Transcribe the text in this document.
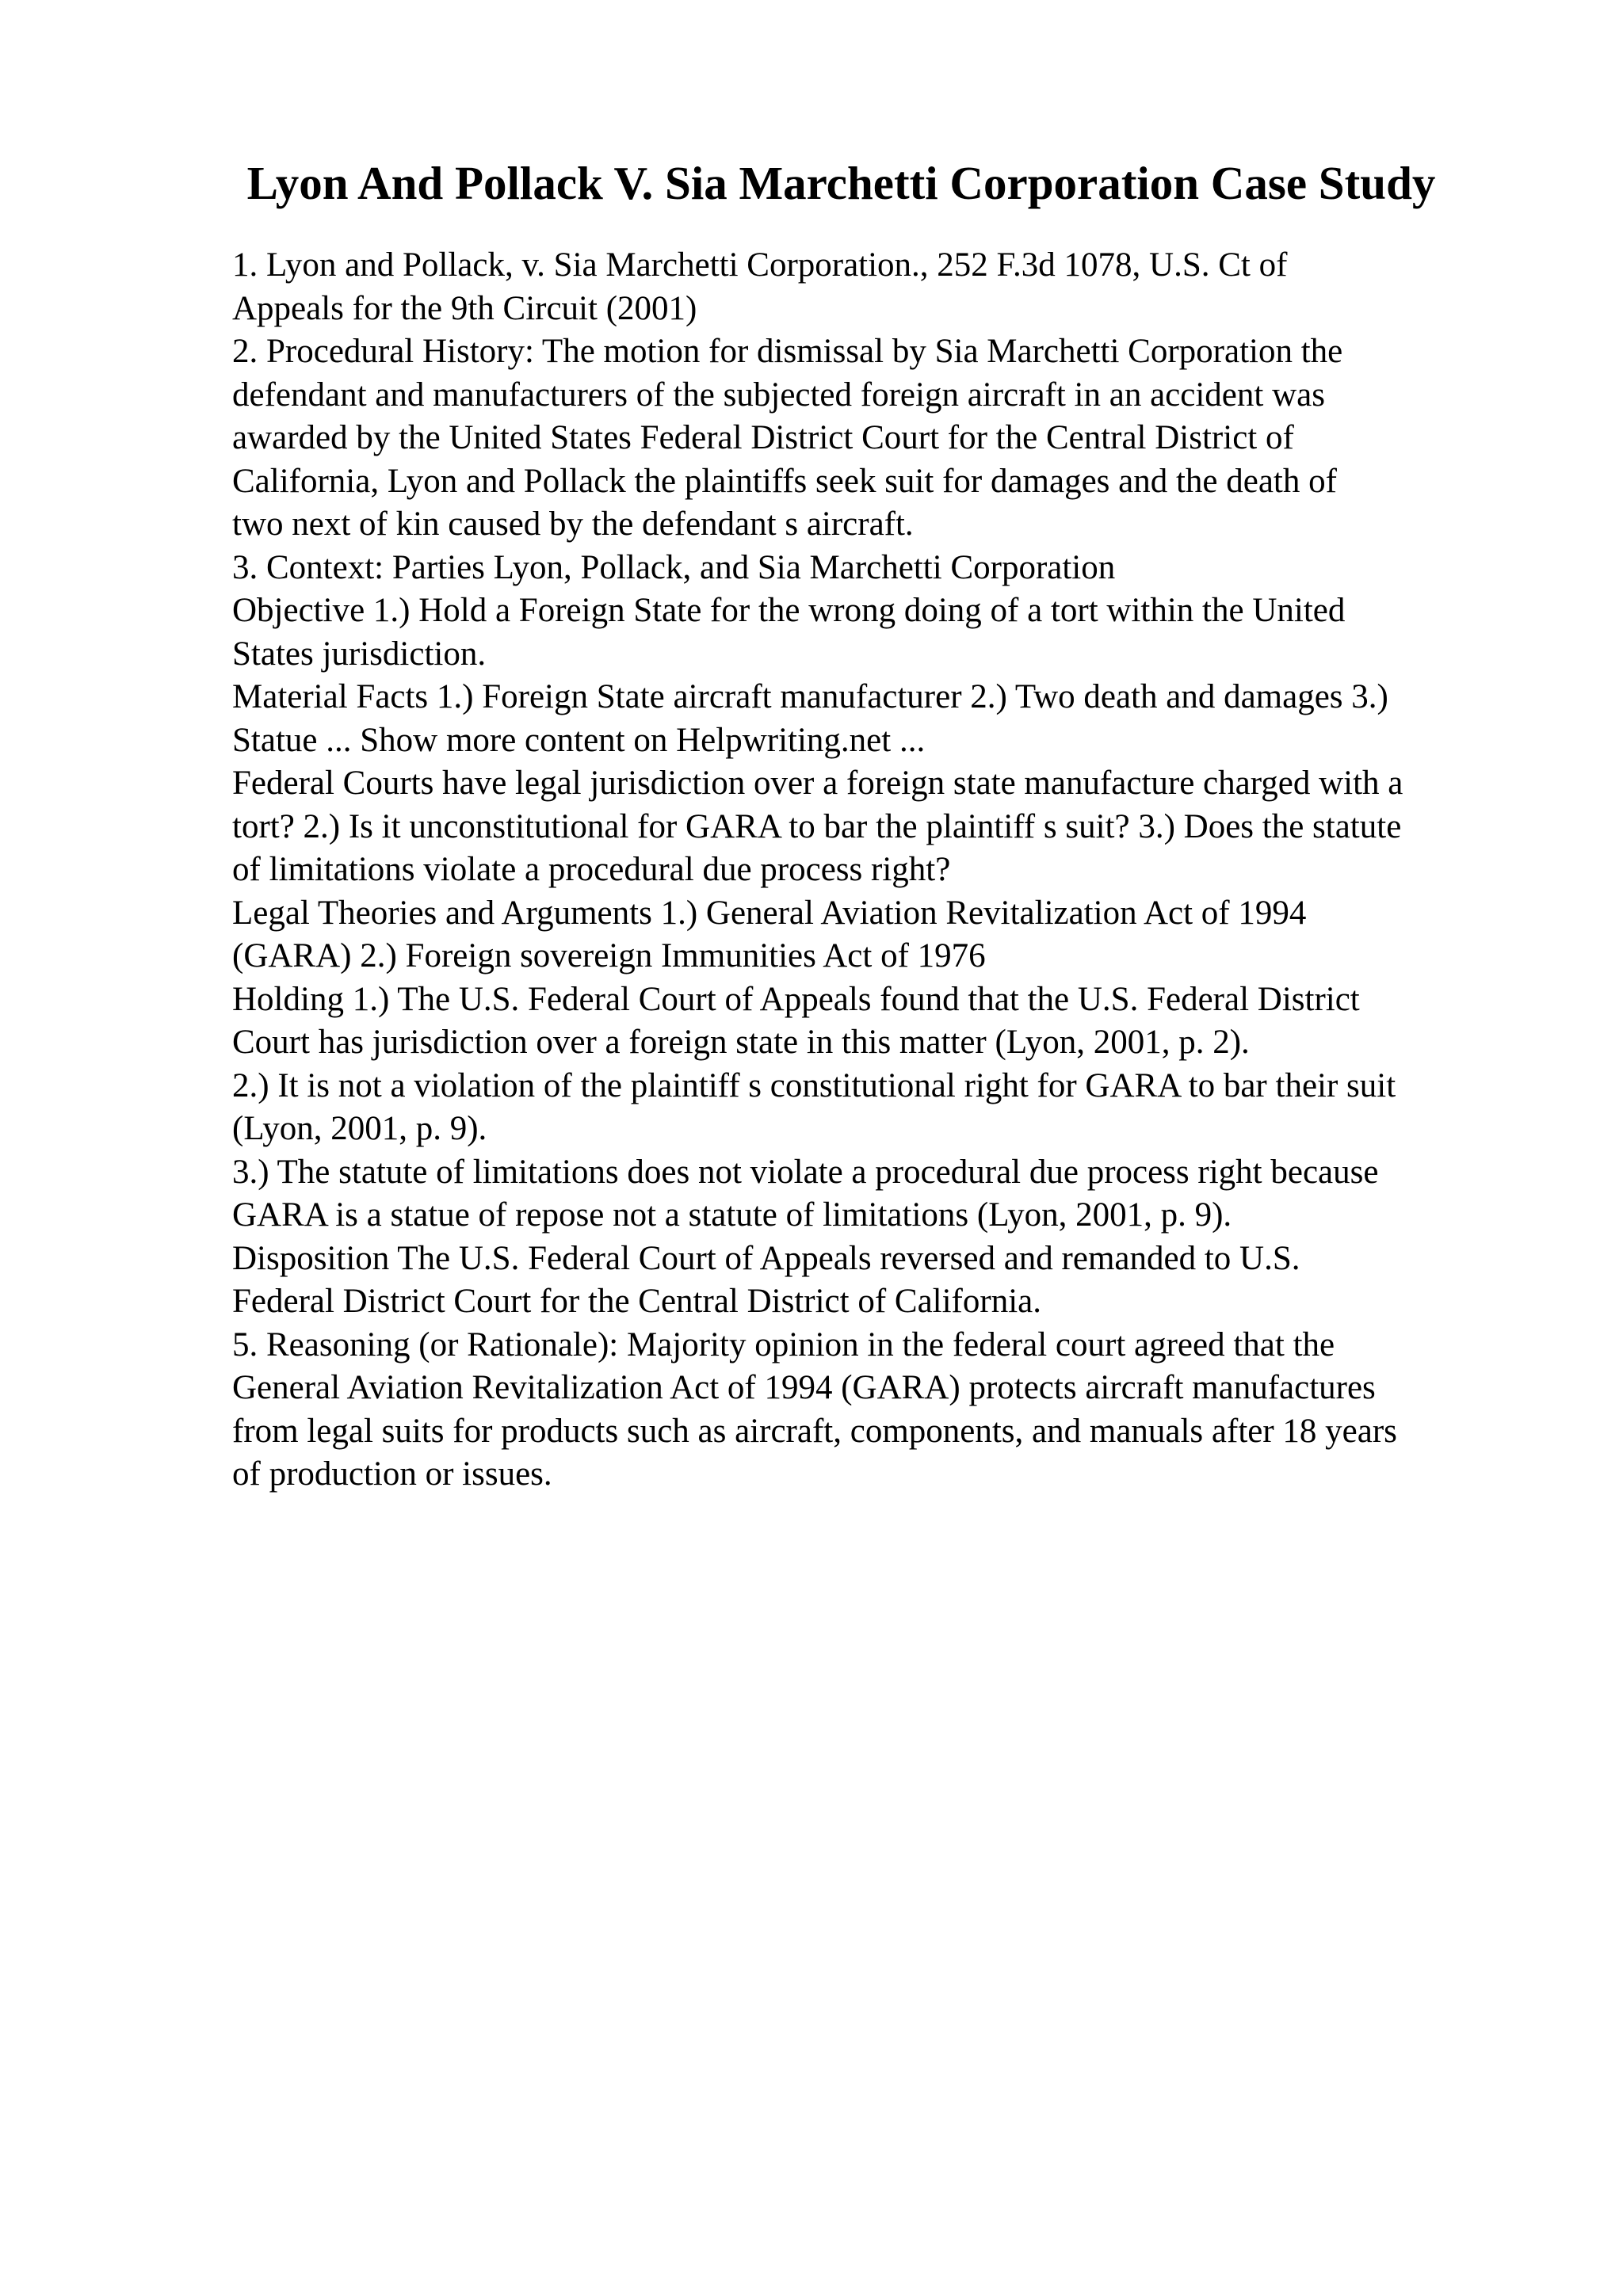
Lyon And Pollack V. Sia Marchetti Corporation Case Study
1. Lyon and Pollack, v. Sia Marchetti Corporation., 252 F.3d 1078, U.S. Ct of
Appeals for the 9th Circuit (2001)
2. Procedural History: The motion for dismissal by Sia Marchetti Corporation the
defendant and manufacturers of the subjected foreign aircraft in an accident was
awarded by the United States Federal District Court for the Central District of
California, Lyon and Pollack the plaintiffs seek suit for damages and the death of
two next of kin caused by the defendant s aircraft.
3. Context: Parties Lyon, Pollack, and Sia Marchetti Corporation
Objective 1.) Hold a Foreign State for the wrong doing of a tort within the United
States jurisdiction.
Material Facts 1.) Foreign State aircraft manufacturer 2.) Two death and damages 3.)
Statue ... Show more content on Helpwriting.net ...
Federal Courts have legal jurisdiction over a foreign state manufacture charged with a
tort? 2.) Is it unconstitutional for GARA to bar the plaintiff s suit? 3.) Does the statute
of limitations violate a procedural due process right?
Legal Theories and Arguments 1.) General Aviation Revitalization Act of 1994
(GARA) 2.) Foreign sovereign Immunities Act of 1976
Holding 1.) The U.S. Federal Court of Appeals found that the U.S. Federal District
Court has jurisdiction over a foreign state in this matter (Lyon, 2001, p. 2).
2.) It is not a violation of the plaintiff s constitutional right for GARA to bar their suit
(Lyon, 2001, p. 9).
3.) The statute of limitations does not violate a procedural due process right because
GARA is a statue of repose not a statute of limitations (Lyon, 2001, p. 9).
Disposition The U.S. Federal Court of Appeals reversed and remanded to U.S.
Federal District Court for the Central District of California.
5. Reasoning (or Rationale): Majority opinion in the federal court agreed that the
General Aviation Revitalization Act of 1994 (GARA) protects aircraft manufactures
from legal suits for products such as aircraft, components, and manuals after 18 years
of production or issues.
